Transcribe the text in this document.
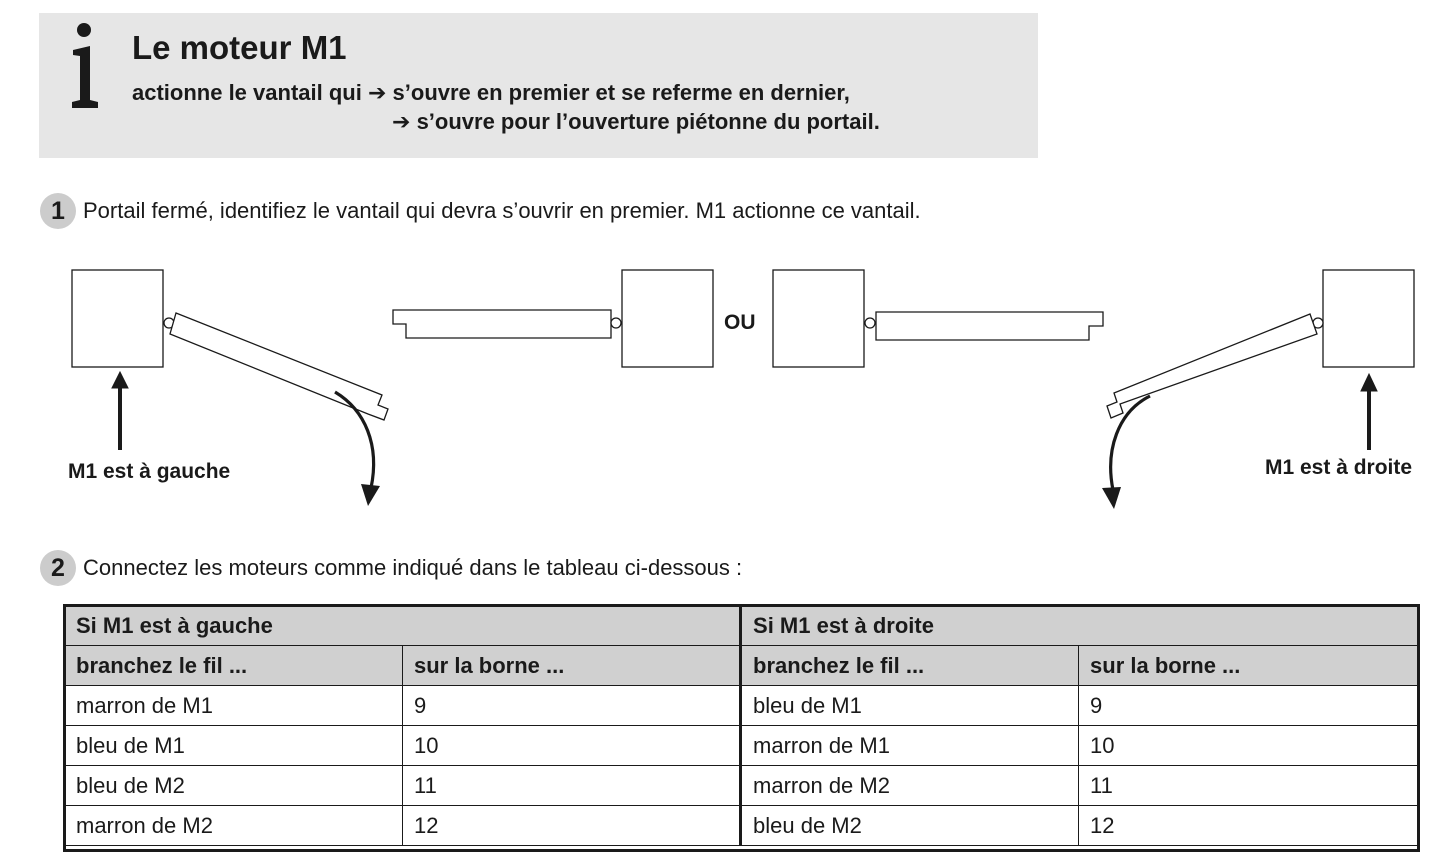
Le moteur M1
actionne le vantail qui ➔ s’ouvre en premier et se referme en dernier,
➔ s’ouvre pour l’ouverture piétonne du portail.
1 Portail fermé, identifiez le vantail qui devra s’ouvrir en premier. M1 actionne ce vantail.
OU
M1 est à gauche	M1 est à droite
2 Connectez les moteurs comme indiqué dans le tableau ci-dessous :
Si M1 est à gauche		Si M1 est à droite	
branchez le fil ...	sur la borne ...	branchez le fil ...	sur la borne ...
marron de M1	9	bleu de M1	9
bleu de M1	10	marron de M1	10
bleu de M2	11	marron de M2	11
marron de M2	12	bleu de M2	12
